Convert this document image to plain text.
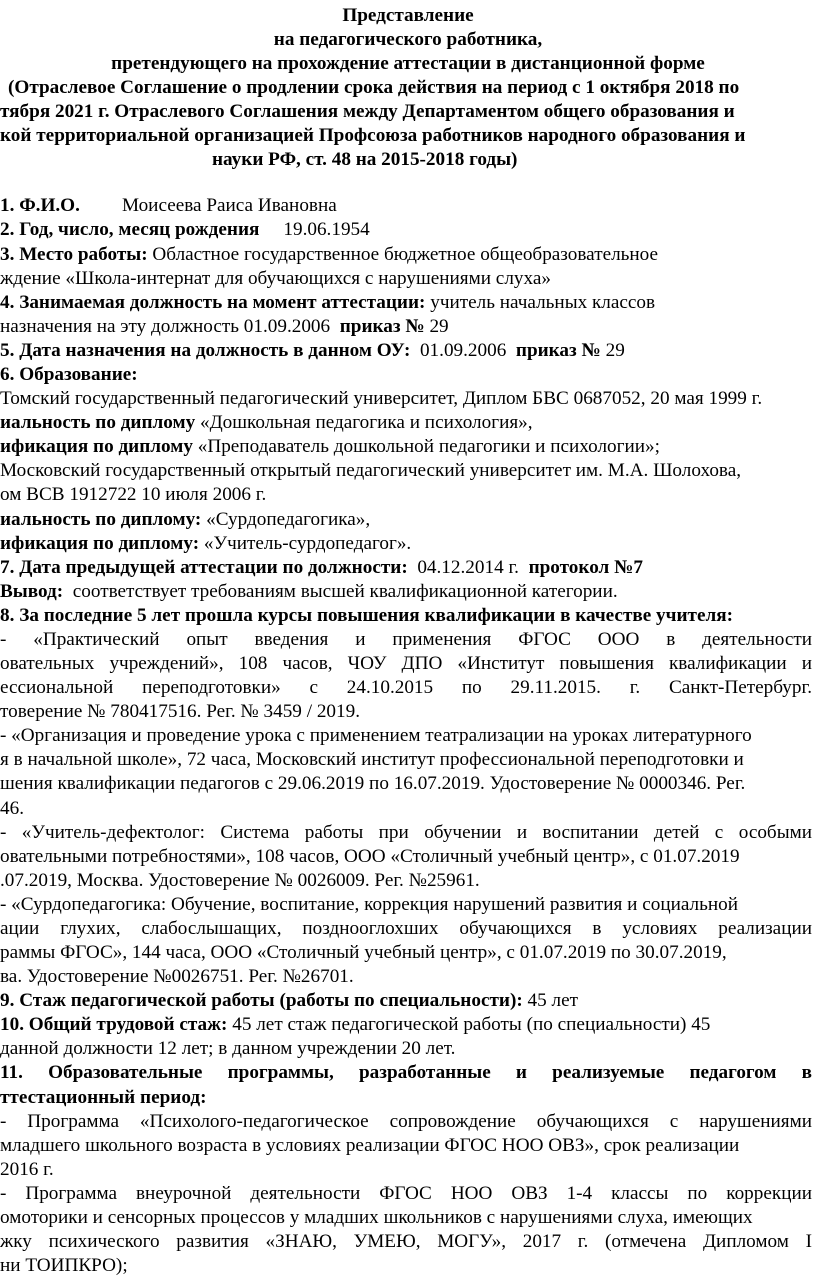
Представление
на педагогического работника,
претендующего на прохождение аттестации в дистанционной форме
(Отраслевое Соглашение о продлении срока действия на период с 1 октября 2018 по
тября 2021 г. Отраслевого Соглашения между Департаментом общего образования и
кой территориальной организацией Профсоюза работников народного образования и
науки РФ, ст. 48 на 2015-2018 годы)
1. Ф.И.О. Моисеева Раиса Ивановна
2. Год, число, месяц рождения 19.06.1954
3. Место работы: Областное государственное бюджетное общеобразовательное
ждение «Школа-интернат для обучающихся с нарушениями слуха»
4. Занимаемая должность на момент аттестации: учитель начальных классов
назначения на эту должность 01.09.2006 приказ № 29
5. Дата назначения на должность в данном ОУ: 01.09.2006 приказ № 29
6. Образование:
Томский государственный педагогический университет, Диплом БВС 0687052, 20 мая 1999 г.
иальность по диплому «Дошкольная педагогика и психология»,
ификация по диплому «Преподаватель дошкольной педагогики и психологии»;
Московский государственный открытый педагогический университет им. М.А. Шолохова,
ом ВСВ 1912722 10 июля 2006 г.
иальность по диплому: «Сурдопедагогика»,
ификация по диплому: «Учитель-сурдопедагог».
7. Дата предыдущей аттестации по должности: 04.12.2014 г. протокол №7
Вывод: соответствует требованиям высшей квалификационной категории.
8. За последние 5 лет прошла курсы повышения квалификации в качестве учителя:
- «Практический опыт введения и применения ФГОС ООО в деятельности
овательных учреждений», 108 часов, ЧОУ ДПО «Институт повышения квалификации и
ессиональной переподготовки» с 24.10.2015 по 29.11.2015. г. Санкт-Петербург.
товерение № 780417516. Рег. № 3459 / 2019.
- «Организация и проведение урока с применением театрализации на уроках литературного
я в начальной школе», 72 часа, Московский институт профессиональной переподготовки и
шения квалификации педагогов с 29.06.2019 по 16.07.2019. Удостоверение № 0000346. Рег.
46.
- «Учитель-дефектолог: Система работы при обучении и воспитании детей с особыми
овательными потребностями», 108 часов, ООО «Столичный учебный центр», с 01.07.2019
.07.2019, Москва. Удостоверение № 0026009. Рег. №25961.
- «Сурдопедагогика: Обучение, воспитание, коррекция нарушений развития и социальной
ации глухих, слабослышащих, позднооглохших обучающихся в условиях реализации
раммы ФГОС», 144 часа, ООО «Столичный учебный центр», с 01.07.2019 по 30.07.2019,
ва. Удостоверение №0026751. Рег. №26701.
9. Стаж педагогической работы (работы по специальности): 45 лет
10. Общий трудовой стаж: 45 лет стаж педагогической работы (по специальности) 45
данной должности 12 лет; в данном учреждении 20 лет.
11. Образовательные программы, разработанные и реализуемые педагогом в
ттестационный период:
- Программа «Психолого-педагогическое сопровождение обучающихся с нарушениями
младшего школьного возраста в условиях реализации ФГОС НОО ОВЗ», срок реализации
2016 г.
- Программа внеурочной деятельности ФГОС НОО ОВЗ 1-4 классы по коррекции
омоторики и сенсорных процессов у младших школьников с нарушениями слуха, имеющих
жку психического развития «ЗНАЮ, УМЕЮ, МОГУ», 2017 г. (отмечена Дипломом I
ни ТОИПКРО);
